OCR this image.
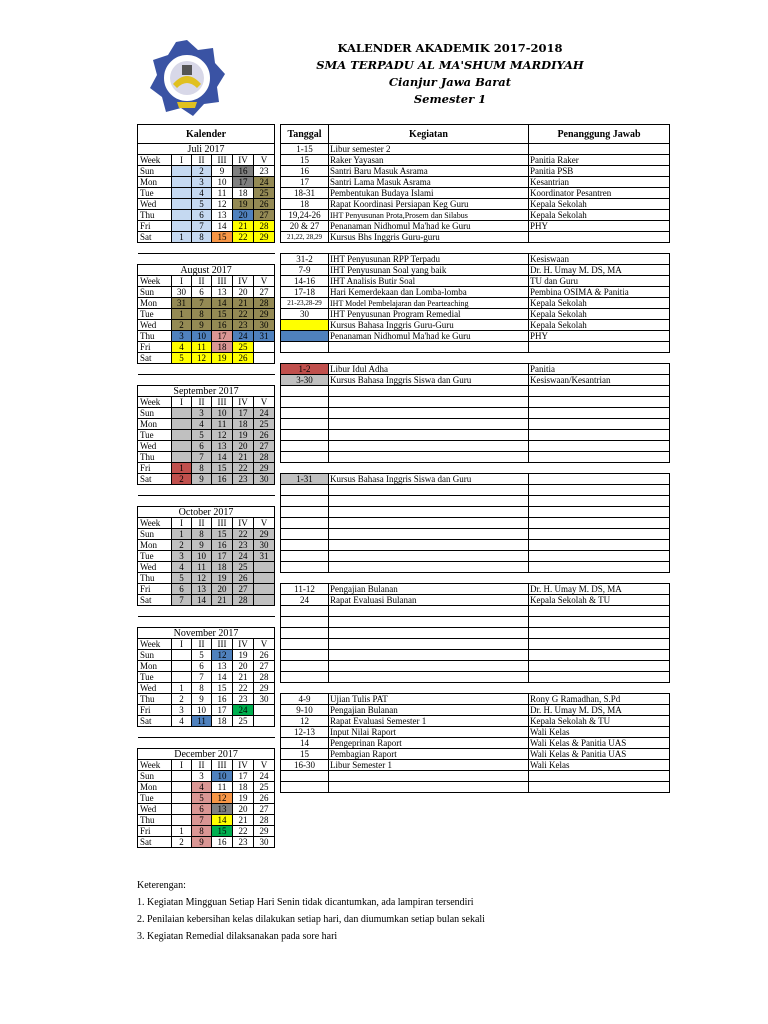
KALENDER AKADEMIK 2017-2018
SMA TERPADU AL MA'SHUM MARDIYAH
Cianjur Jawa Barat
Semester 1
Kalender					
Juli 2017					
Week	I	II	III	IV	V
Sun		2	9	16	23
Mon		3	10	17	24
Tue		4	11	18	25
Wed		5	12	19	26
Thu		6	13	20	27
Fri		7	14	21	28
Sat	1	8	15	22	29

August 2017					
Week	I	II	III	IV	V
Sun	30	6	13	20	27
Mon	31	7	14	21	28
Tue	1	8	15	22	29
Wed	2	9	16	23	30
Thu	3	10	17	24	31
Fri	4	11	18	25	
Sat	5	12	19	26	

September 2017					
Week	I	II	III	IV	V
Sun		3	10	17	24
Mon		4	11	18	25
Tue		5	12	19	26
Wed		6	13	20	27
Thu		7	14	21	28
Fri	1	8	15	22	29
Sat	2	9	16	23	30

October 2017					
Week	I	II	III	IV	V
Sun	1	8	15	22	29
Mon	2	9	16	23	30
Tue	3	10	17	24	31
Wed	4	11	18	25	
Thu	5	12	19	26	
Fri	6	13	20	27	
Sat	7	14	21	28	

November 2017					
Week	I	II	III	IV	V
Sun		5	12	19	26
Mon		6	13	20	27
Tue		7	14	21	28
Wed	1	8	15	22	29
Thu	2	9	16	23	30
Fri	3	10	17	24	
Sat	4	11	18	25	

December 2017					
Week	I	II	III	IV	V
Sun		3	10	17	24
Mon		4	11	18	25
Tue		5	12	19	26
Wed		6	13	20	27
Thu		7	14	21	28
Fri	1	8	15	22	29
Sat	2	9	16	23	30
Tanggal	Kegiatan	Penanggung Jawab
1-15	Libur semester 2	
15	Raker Yayasan	Panitia Raker
16	Santri Baru Masuk Asrama	Panitia PSB
17	Santri Lama Masuk Asrama	Kesantrian
18-31	Pembentukan Budaya Islami	Koordinator Pesantren
18	Rapat Koordinasi Persiapan Keg Guru	Kepala Sekolah
19,24-26	IHT Penyusunan Prota,Prosem dan Silabus	Kepala Sekolah
20 & 27	Penanaman Nidhomul Ma'had ke Guru	PHY
21,22, 28,29	Kursus Bhs Inggris Guru-guru	

31-2	IHT Penyusunan RPP Terpadu	Kesiswaan
7-9	IHT Penyusunan Soal yang baik	Dr. H. Umay M. DS, MA
14-16	IHT Analisis Butir Soal	TU dan Guru
17-18	Hari Kemerdekaan dan Lomba-lomba	Pembina OSIMA & Panitia
21-23,28-29	IHT Model Pembelajaran dan Pearteaching	Kepala Sekolah
30	IHT Penyusunan Program Remedial	Kepala Sekolah
	Kursus Bahasa Inggris Guru-Guru	Kepala Sekolah
	Penanaman Nidhomul Ma'had ke Guru	PHY

1-2	Libur Idul Adha	Panitia
3-30	Kursus Bahasa Inggris Siswa dan Guru	Kesiswaan/Kesantrian

1-31	Kursus Bahasa Inggris Siswa dan Guru	

11-12	Pengajian Bulanan	Dr. H. Umay M. DS, MA
24	Rapat Evaluasi Bulanan	Kepala Sekolah & TU

4-9	Ujian Tulis PAT	Rony G Ramadhan, S.Pd
9-10	Pengajian Bulanan	Dr. H. Umay M. DS, MA
12	Rapat Evaluasi Semester 1	Kepala Sekolah & TU
12-13	Input Nilai Raport	Wali Kelas
14	Pengeprinan Raport	Wali Kelas & Panitia UAS
15	Pembagian Raport	Wali Kelas & Panitia UAS
16-30	Libur Semester 1	Wali Kelas

Keterengan:
1. Kegiatan Mingguan Setiap Hari Senin tidak dicantumkan, ada lampiran tersendiri
2. Penilaian kebersihan kelas dilakukan setiap hari, dan diumumkan setiap bulan sekali
3. Kegiatan Remedial dilaksanakan pada sore hari
